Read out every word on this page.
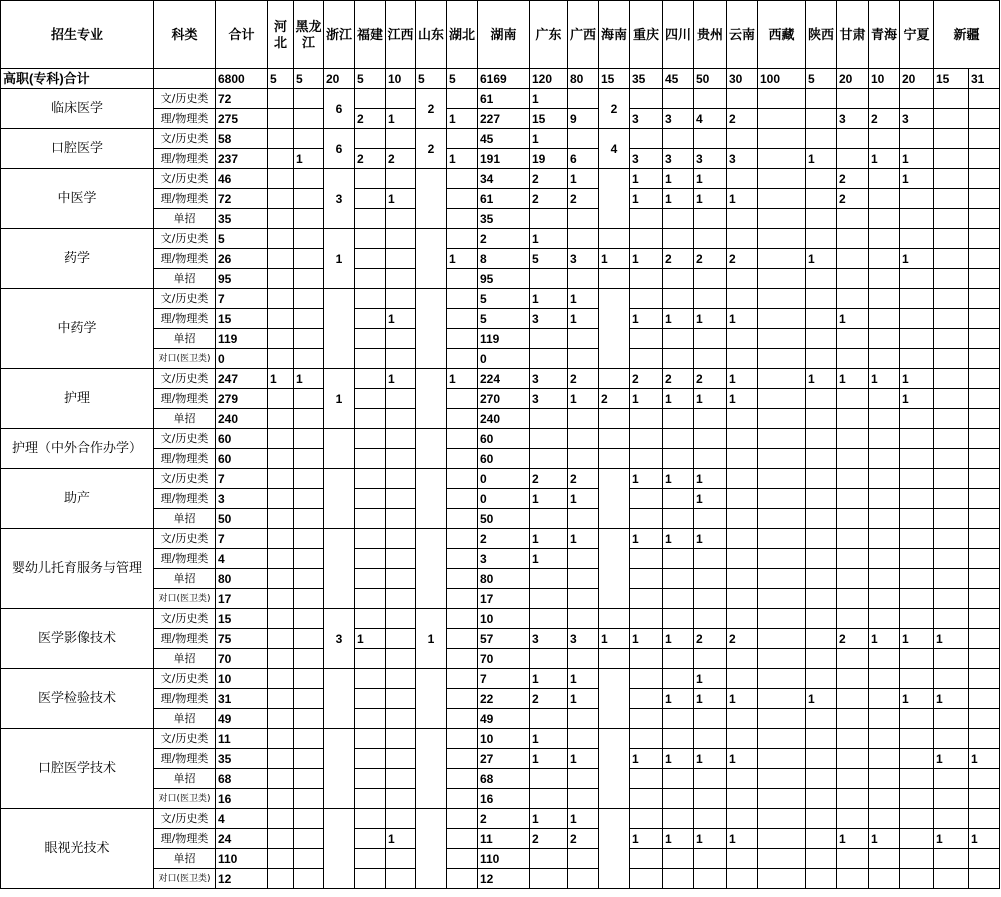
招生专业	科类	合计	河北	黑龙江	浙江	福建	江西	山东	湖北	湖南	广东	广西	海南	重庆	四川	贵州	云南	西藏	陕西	甘肃	青海	宁夏	新疆	
高职(专科)合计		6800	5	5	20	5	10	5	5	6169	120	80	15	35	45	50	30	100	5	20	10	20	15	31
临床医学	文/历史类	72			6			2		61	1		2											
	理/物理类	275				2	1		1	227	15	9		3	3	4	2			3	2	3		
口腔医学	文/历史类	58			6			2		45	1		4											
	理/物理类	237		1		2	2		1	191	19	6		3	3	3	3		1		1	1		
中医学	文/历史类	46			3					34	2	1		1	1	1				2		1		
	理/物理类	72					1			61	2	2		1	1	1	1			2				
	单招	35								35														
药学	文/历史类	5			1					2	1													
	理/物理类	26							1	8	5	3	1	1	2	2	2		1			1		
	单招	95								95														
中药学	文/历史类	7								5	1	1												
	理/物理类	15					1			5	3	1		1	1	1	1			1				
	单招	119								119														
	对口(医卫类)	0								0														
护理	文/历史类	247	1	1	1		1		1	224	3	2		2	2	2	1		1	1	1	1		
	理/物理类	279								270	3	1	2	1	1	1	1					1		
	单招	240								240														
护理（中外合作办学）	文/历史类	60								60														
	理/物理类	60								60														
助产	文/历史类	7								0	2	2		1	1	1								
	理/物理类	3								0	1	1				1								
	单招	50								50														
婴幼儿托育服务与管理	文/历史类	7								2	1	1		1	1	1								
	理/物理类	4								3	1													
	单招	80								80														
	对口(医卫类)	17								17														
医学影像技术	文/历史类	15			3			1		10														
	理/物理类	75				1				57	3	3	1	1	1	2	2			2	1	1	1	
	单招	70								70														
医学检验技术	文/历史类	10								7	1	1				1								
	理/物理类	31								22	2	1			1	1	1		1			1	1	
	单招	49								49														
口腔医学技术	文/历史类	11								10	1													
	理/物理类	35								27	1	1		1	1	1	1						1	1
	单招	68								68														
	对口(医卫类)	16								16														
眼视光技术	文/历史类	4								2	1	1												
	理/物理类	24					1			11	2	2		1	1	1	1			1	1		1	1
	单招	110								110														
	对口(医卫类)	12								12														
